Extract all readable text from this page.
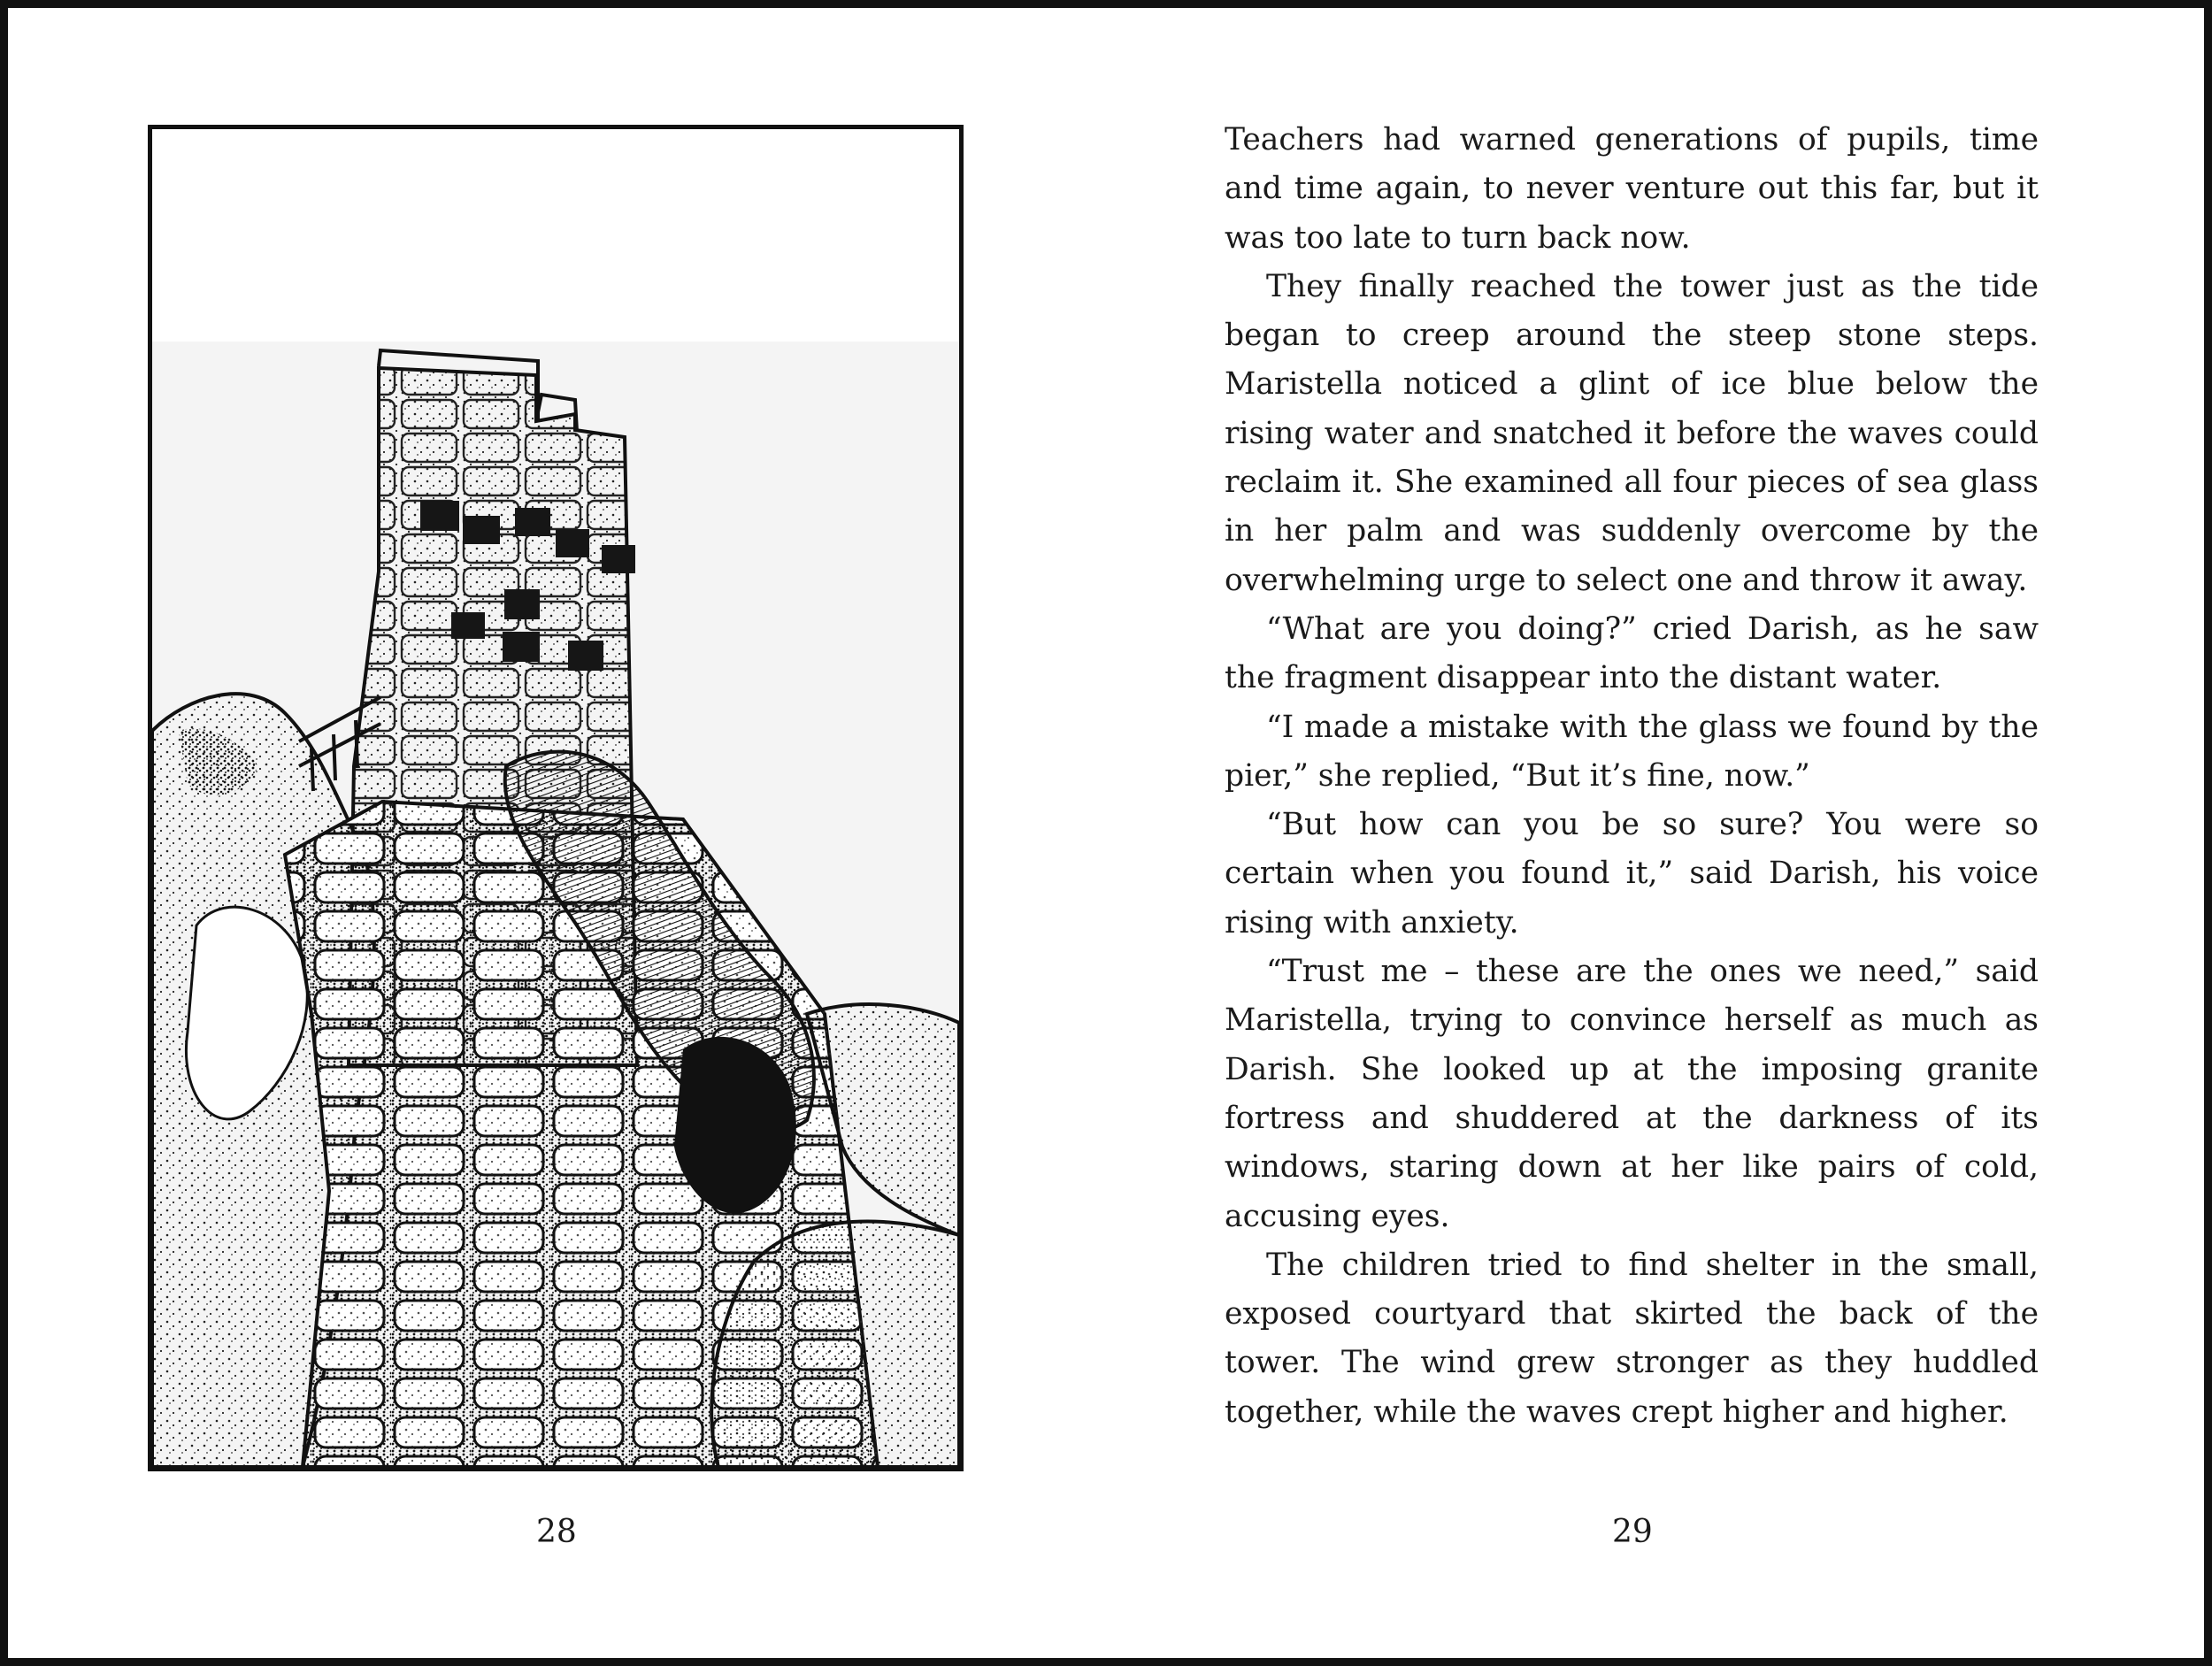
28

Teachers had warned generations of pupils, time and time again, to never venture out this far, but it was too late to turn back now.

They finally reached the tower just as the tide began to creep around the steep stone steps. Maristella noticed a glint of ice blue below the rising water and snatched it before the waves could reclaim it. She examined all four pieces of sea glass in her palm and was suddenly overcome by the overwhelming urge to select one and throw it away.

“What are you doing?” cried Darish, as he saw the fragment disappear into the distant water.

“I made a mistake with the glass we found by the pier,” she replied, “But it’s fine, now.”

“But how can you be so sure? You were so certain when you found it,” said Darish, his voice rising with anxiety.

“Trust me – these are the ones we need,” said Maristella, trying to convince herself as much as Darish. She looked up at the imposing granite fortress and shuddered at the darkness of its windows, staring down at her like pairs of cold, accusing eyes.

The children tried to find shelter in the small, exposed courtyard that skirted the back of the tower. The wind grew stronger as they huddled together, while the waves crept higher and higher.

29
